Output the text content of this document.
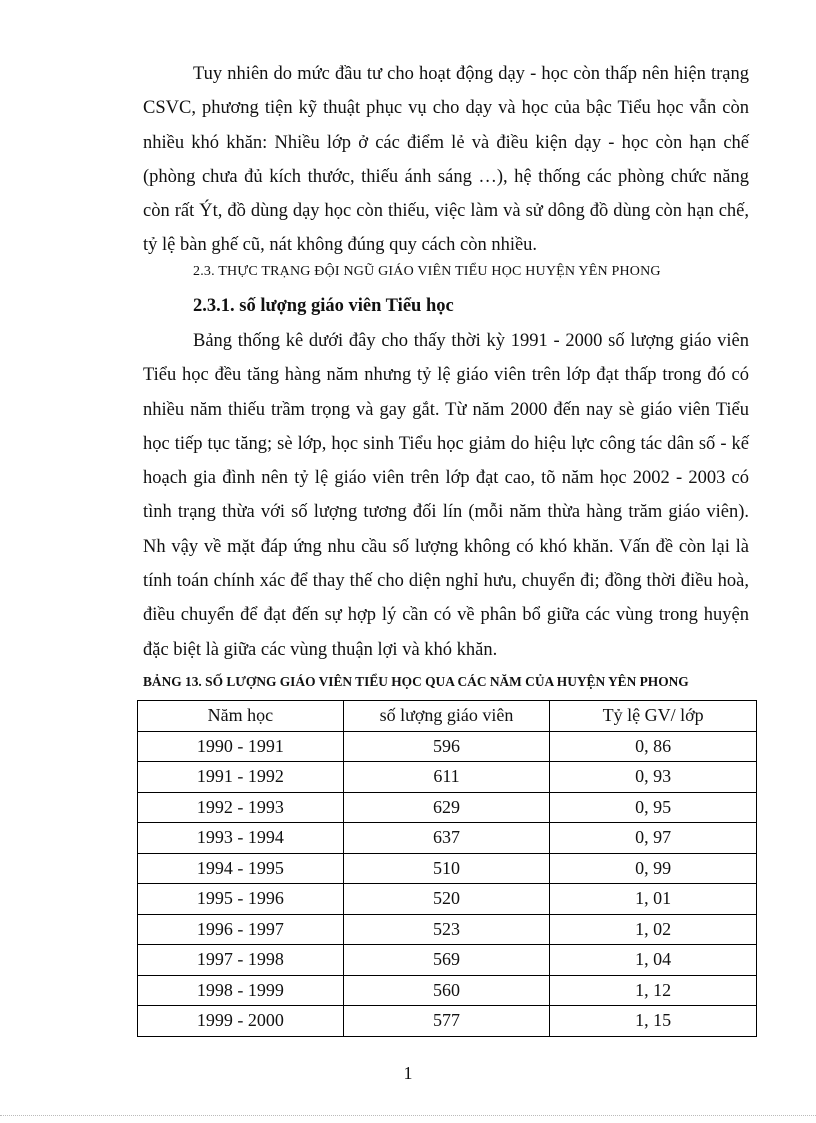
Tuy nhiên do mức đầu tư cho hoạt động dạy - học còn thấp nên hiện trạng CSVC, phương tiện kỹ thuật phục vụ cho dạy và học của bậc Tiểu học vẫn còn nhiều khó khăn: Nhiều lớp ở các điểm lẻ và điều kiện dạy - học còn hạn chế (phòng chưa đủ kích thước, thiếu ánh sáng …), hệ thống các phòng chức năng còn rất Ýt, đồ dùng dạy học còn thiếu, việc làm và sử dông đồ dùng còn hạn chế, tỷ lệ bàn ghế cũ, nát không đúng quy cách còn nhiều.

2.3. THỰC TRẠNG ĐỘI NGŨ GIÁO VIÊN TIỂU HỌC HUYỆN YÊN PHONG

2.3.1. số lượng giáo viên Tiểu học

Bảng thống kê dưới đây cho thấy thời kỳ 1991 - 2000 số lượng giáo viên Tiểu học đều tăng hàng năm nhưng tỷ lệ giáo viên trên lớp đạt thấp trong đó có nhiều năm thiếu trầm trọng và gay gắt. Từ năm 2000 đến nay sè giáo viên Tiểu học tiếp tục tăng; sè lớp, học sinh Tiểu học giảm do hiệu lực công tác dân số - kế hoạch gia đình nên tỷ lệ giáo viên trên lớp đạt cao, tõ năm học 2002 - 2003 có tình trạng thừa với số lượng tương đối lín (mỗi năm thừa hàng trăm giáo viên). Nh vậy về mặt đáp ứng nhu cầu số lượng không có khó khăn. Vấn đề còn lại là tính toán chính xác để thay thế cho diện nghỉ hưu, chuyển đi; đồng thời điều hoà, điều chuyển để đạt đến sự hợp lý cần có về phân bổ giữa các vùng trong huyện đặc biệt là giữa các vùng thuận lợi và khó khăn.

BẢNG 13. SỐ LƯỢNG GIÁO VIÊN TIỂU HỌC QUA CÁC NĂM CỦA HUYỆN YÊN PHONG

Năm học	số lượng giáo viên	Tỷ lệ GV/ lớp
1990 - 1991	596	0, 86
1991 - 1992	611	0, 93
1992 - 1993	629	0, 95
1993 - 1994	637	0, 97
1994 - 1995	510	0, 99
1995 - 1996	520	1, 01
1996 - 1997	523	1, 02
1997 - 1998	569	1, 04
1998 - 1999	560	1, 12
1999 - 2000	577	1, 15

1
